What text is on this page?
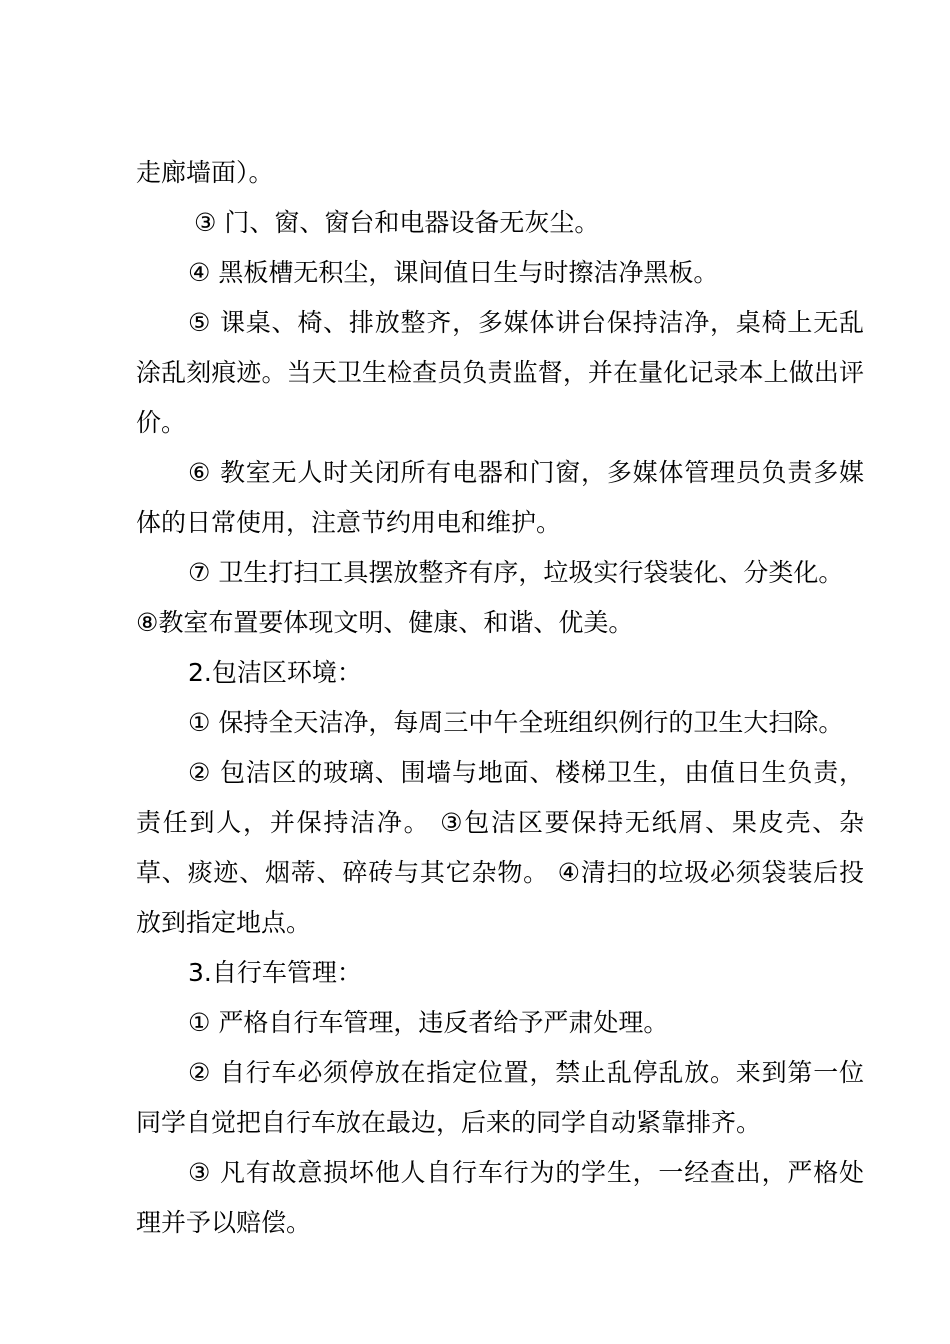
走廊墙面）。

③ 门、窗、窗台和电器设备无灰尘。

④ 黑板槽无积尘，课间值日生与时擦洁净黑板。

⑤ 课桌、椅、排放整齐，多媒体讲台保持洁净，桌椅上无乱涂乱刻痕迹。当天卫生检查员负责监督，并在量化记录本上做出评价。

⑥ 教室无人时关闭所有电器和门窗，多媒体管理员负责多媒体的日常使用，注意节约用电和维护。

⑦ 卫生打扫工具摆放整齐有序，垃圾实行袋装化、分类化。

⑧教室布置要体现文明、健康、和谐、优美。

2.包洁区环境：

① 保持全天洁净，每周三中午全班组织例行的卫生大扫除。

② 包洁区的玻璃、围墙与地面、楼梯卫生，由值日生负责，责任到人，并保持洁净。 ③包洁区要保持无纸屑、果皮壳、杂草、痰迹、烟蒂、碎砖与其它杂物。 ④清扫的垃圾必须袋装后投放到指定地点。

3.自行车管理：

① 严格自行车管理，违反者给予严肃处理。

② 自行车必须停放在指定位置，禁止乱停乱放。来到第一位同学自觉把自行车放在最边，后来的同学自动紧靠排齐。

③ 凡有故意损坏他人自行车行为的学生，一经查出，严格处理并予以赔偿。
